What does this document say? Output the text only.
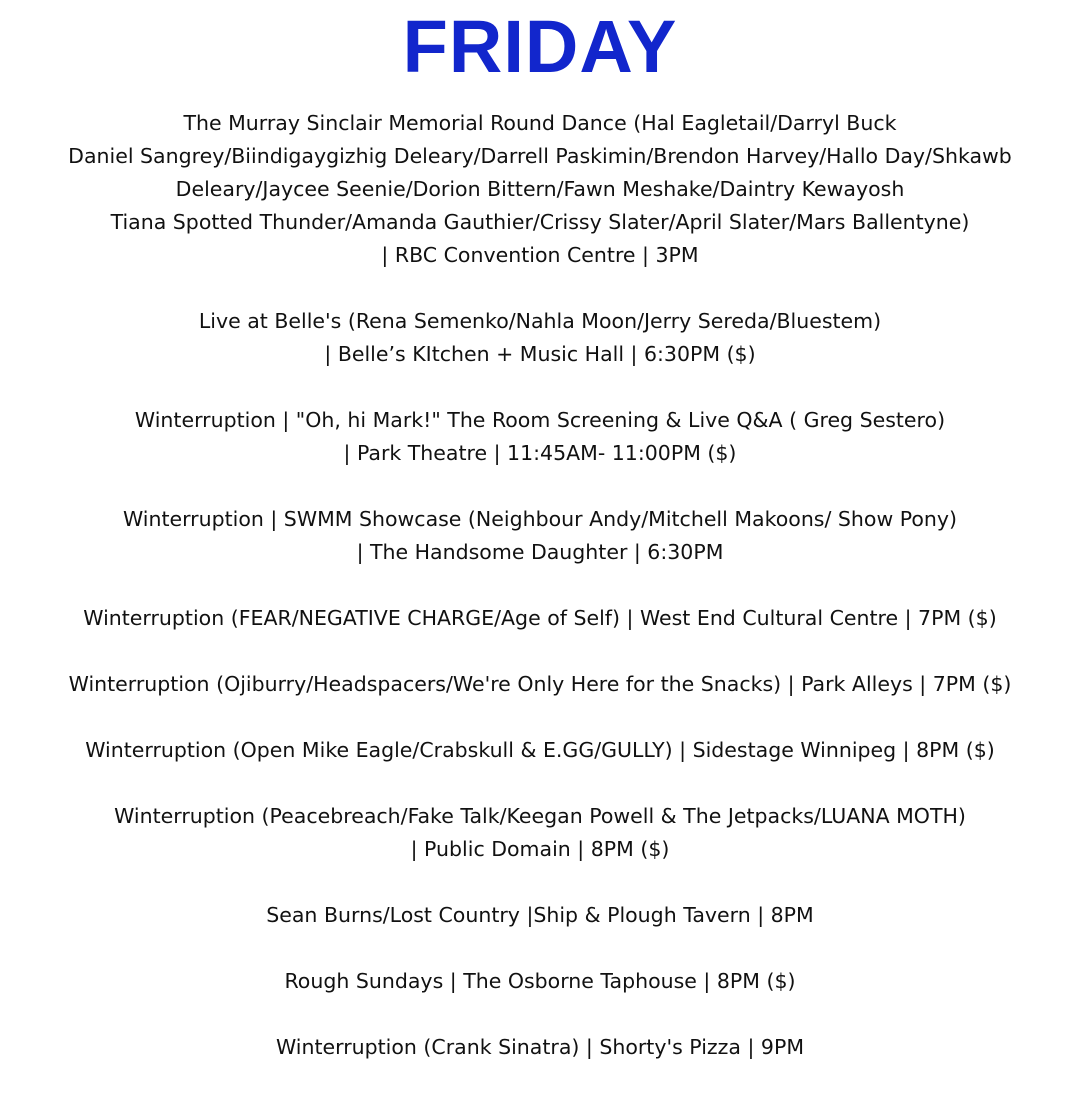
FRIDAY
The Murray Sinclair Memorial Round Dance (Hal Eagletail/Darryl Buck
Daniel Sangrey/Biindigaygizhig Deleary/Darrell Paskimin/Brendon Harvey/Hallo Day/Shkawb
Deleary/Jaycee Seenie/Dorion Bittern/Fawn Meshake/Daintry Kewayosh
Tiana Spotted Thunder/Amanda Gauthier/Crissy Slater/April Slater/Mars Ballentyne)
| RBC Convention Centre | 3PM
Live at Belle's (Rena Semenko/Nahla Moon/Jerry Sereda/Bluestem)
| Belle’s KItchen + Music Hall | 6:30PM ($)
Winterruption | "Oh, hi Mark!" The Room Screening & Live Q&A ( Greg Sestero)
| Park Theatre | 11:45AM- 11:00PM ($)
Winterruption | SWMM Showcase (Neighbour Andy/Mitchell Makoons/ Show Pony)
| The Handsome Daughter | 6:30PM
Winterruption (FEAR/NEGATIVE CHARGE/Age of Self) | West End Cultural Centre | 7PM ($)
Winterruption (Ojiburry/Headspacers/We're Only Here for the Snacks) | Park Alleys | 7PM ($)
Winterruption (Open Mike Eagle/Crabskull & E.GG/GULLY) | Sidestage Winnipeg | 8PM ($)
Winterruption (Peacebreach/Fake Talk/Keegan Powell & The Jetpacks/LUANA MOTH)
| Public Domain | 8PM ($)
Sean Burns/Lost Country |Ship & Plough Tavern | 8PM
Rough Sundays | The Osborne Taphouse | 8PM ($)
Winterruption (Crank Sinatra) | Shorty's Pizza | 9PM
